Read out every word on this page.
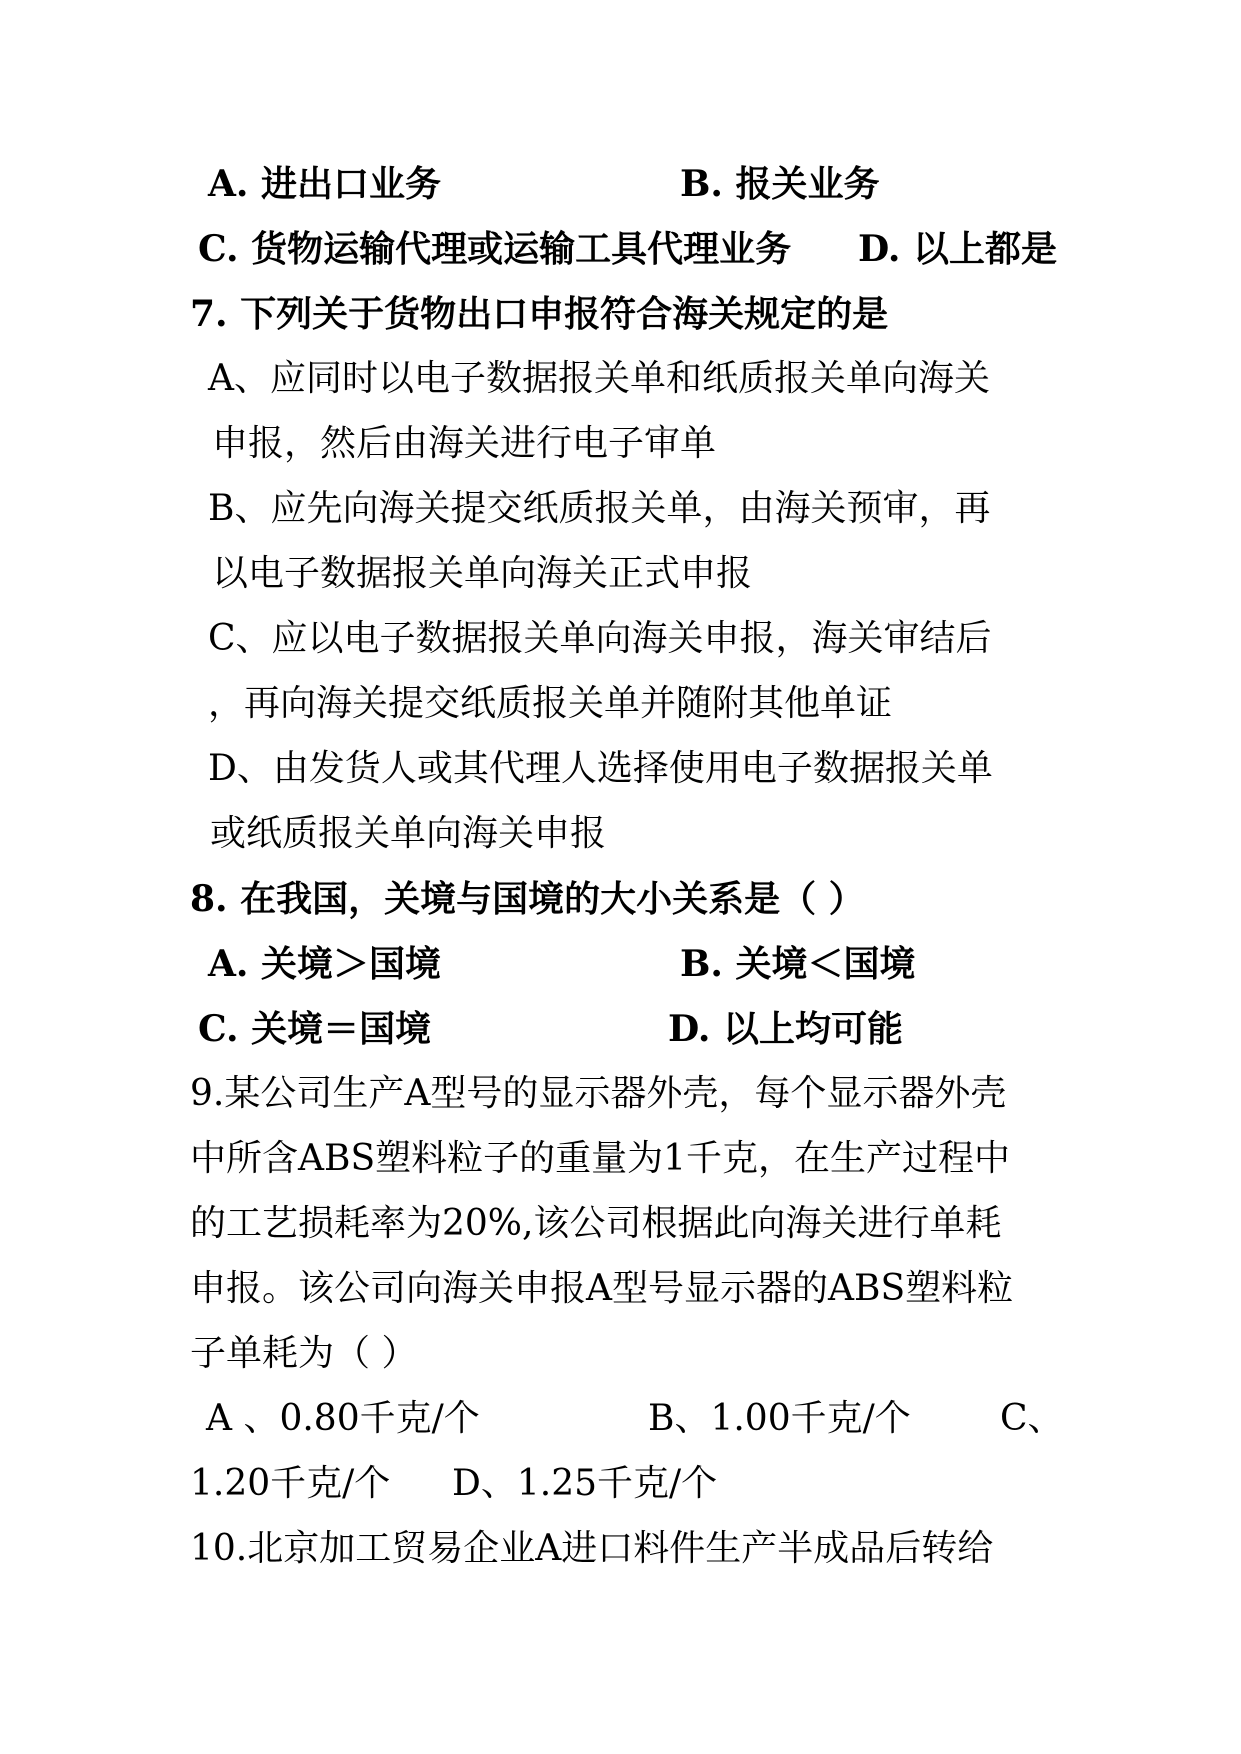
A. 进出口业务	B. 报关业务
C. 货物运输代理或运输工具代理业务 D. 以上都是
7. 下列关于货物出口申报符合海关规定的是
A、应同时以电子数据报关单和纸质报关单向海关
申报，然后由海关进行电子审单
B、应先向海关提交纸质报关单，由海关预审，再
以电子数据报关单向海关正式申报
C、应以电子数据报关单向海关申报，海关审结后
，再向海关提交纸质报关单并随附其他单证
D、由发货人或其代理人选择使用电子数据报关单
或纸质报关单向海关申报
8. 在我国，关境与国境的大小关系是（ ）
A. 关境＞国境	B. 关境＜国境
C. 关境＝国境	D. 以上均可能
9.某公司生产A型号的显示器外壳，每个显示器外壳
中所含ABS塑料粒子的重量为1千克，在生产过程中
的工艺损耗率为20%,该公司根据此向海关进行单耗
申报。该公司向海关申报A型号显示器的ABS塑料粒
子单耗为（ ）
A 、0.80千克/个	B、1.00千克/个 C、
1.20千克/个 D、1.25千克/个
10.北京加工贸易企业A进口料件生产半成品后转给
